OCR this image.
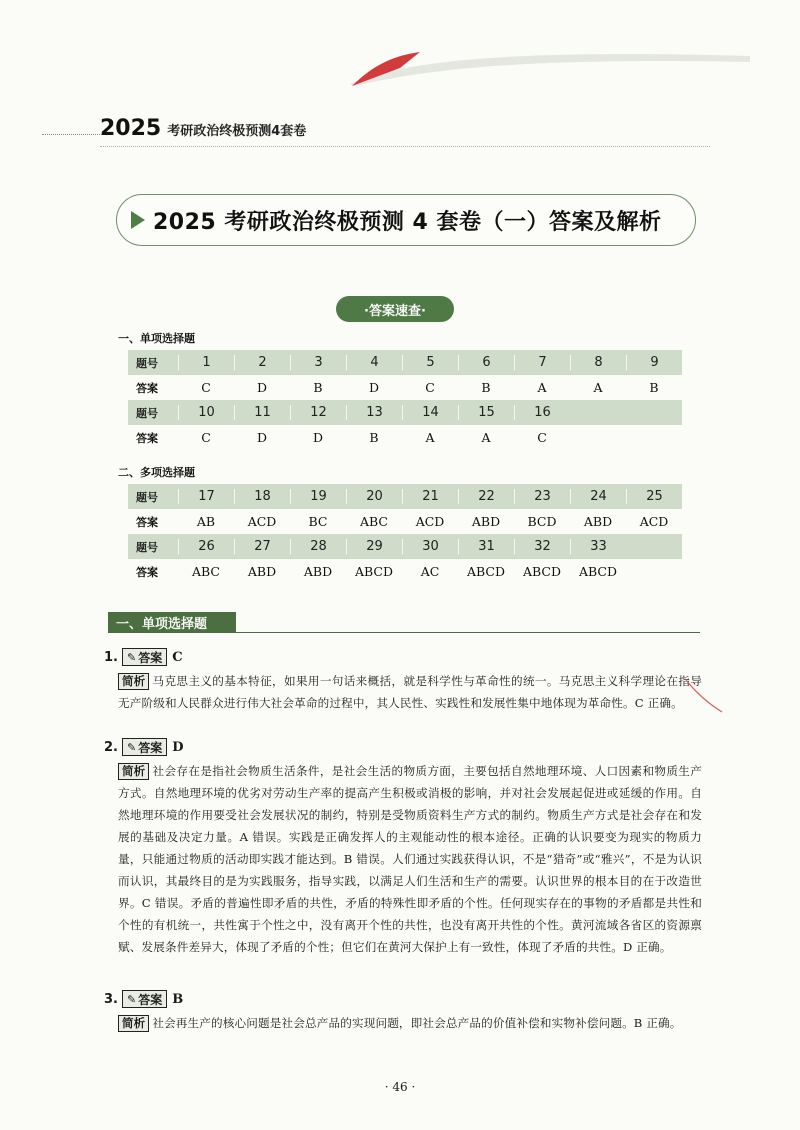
2025 考研政治终极预测4套卷
2025 考研政治终极预测 4 套卷（一）答案及解析
·答案速查·
一、单项选择题
题号	1	2	3	4	5	6	7	8	9
答案	C	D	B	D	C	B	A	A	B
题号	10	11	12	13	14	15	16
答案	C	D	D	B	A	A	C
二、多项选择题
题号	17	18	19	20	21	22	23	24	25
答案	AB	ACD	BC	ABC	ACD	ABD	BCD	ABD	ACD
题号	26	27	28	29	30	31	32	33
答案	ABC	ABD	ABD	ABCD	AC	ABCD	ABCD	ABCD
一、单项选择题
1. ✎ 答案 C
简析 马克思主义的基本特征，如果用一句话来概括，就是科学性与革命性的统一。马克思主义科学理论在指导无产阶级和人民群众进行伟大社会革命的过程中，其人民性、实践性和发展性集中地体现为革命性。C 正确。
2. ✎ 答案 D
简析 社会存在是指社会物质生活条件，是社会生活的物质方面，主要包括自然地理环境、人口因素和物质生产方式。自然地理环境的优劣对劳动生产率的提高产生积极或消极的影响，并对社会发展起促进或延缓的作用。自然地理环境的作用要受社会发展状况的制约，特别是受物质资料生产方式的制约。物质生产方式是社会存在和发展的基础及决定力量。A 错误。实践是正确发挥人的主观能动性的根本途径。正确的认识要变为现实的物质力量，只能通过物质的活动即实践才能达到。B 错误。人们通过实践获得认识，不是“猎奇”或“雅兴”，不是为认识而认识，其最终目的是为实践服务，指导实践，以满足人们生活和生产的需要。认识世界的根本目的在于改造世界。C 错误。矛盾的普遍性即矛盾的共性，矛盾的特殊性即矛盾的个性。任何现实存在的事物的矛盾都是共性和个性的有机统一，共性寓于个性之中，没有离开个性的共性，也没有离开共性的个性。黄河流域各省区的资源禀赋、发展条件差异大，体现了矛盾的个性；但它们在黄河大保护上有一致性，体现了矛盾的共性。D 正确。
3. ✎ 答案 B
简析 社会再生产的核心问题是社会总产品的实现问题，即社会总产品的价值补偿和实物补偿问题。B 正确。
· 46 ·
